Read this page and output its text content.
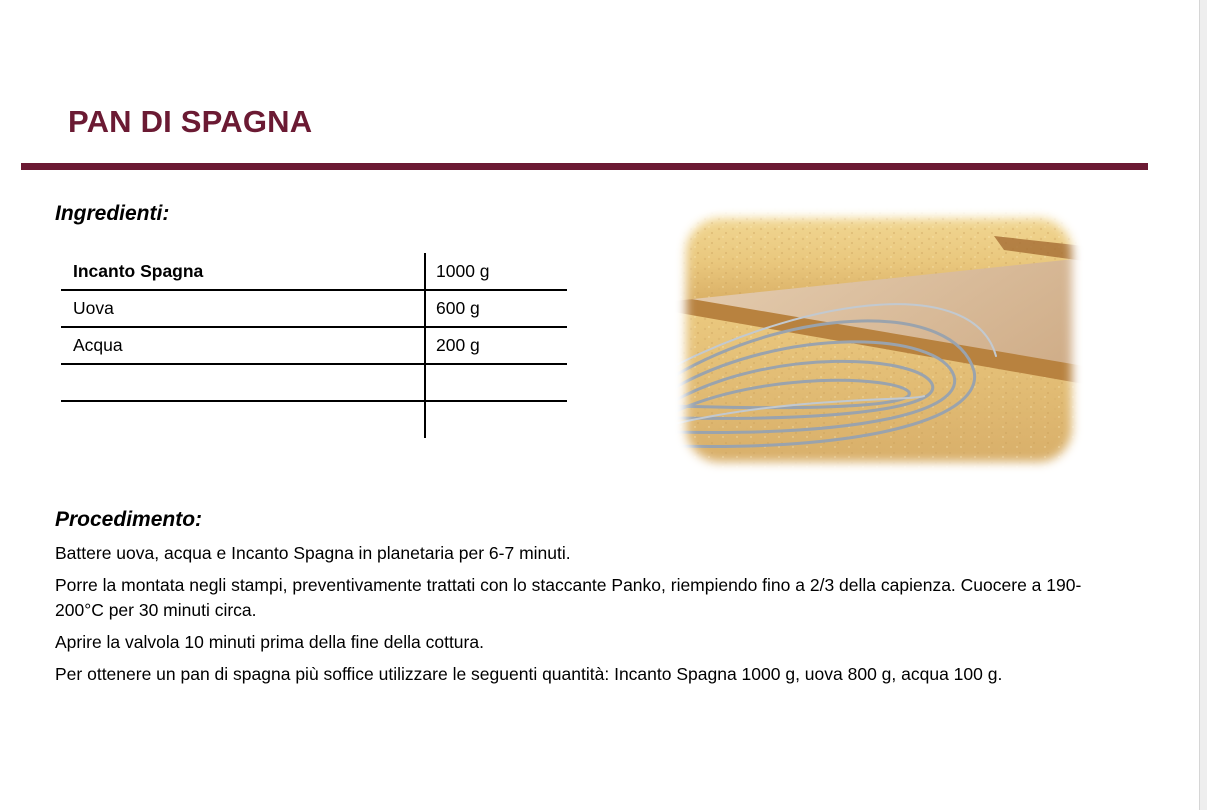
PAN DI SPAGNA
Ingredienti:
Incanto Spagna	1000 g
Uova	600 g
Acqua	200 g

Procedimento:

Battere uova, acqua e Incanto Spagna in planetaria per 6-7 minuti.

Porre la montata negli stampi, preventivamente trattati con lo staccante Panko, riempiendo fino a 2/3 della capienza. Cuocere a 190-200°C per 30 minuti circa.

Aprire la valvola 10 minuti prima della fine della cottura.

Per ottenere un pan di spagna più soffice utilizzare le seguenti quantità: Incanto Spagna 1000 g, uova 800 g, acqua 100 g.
